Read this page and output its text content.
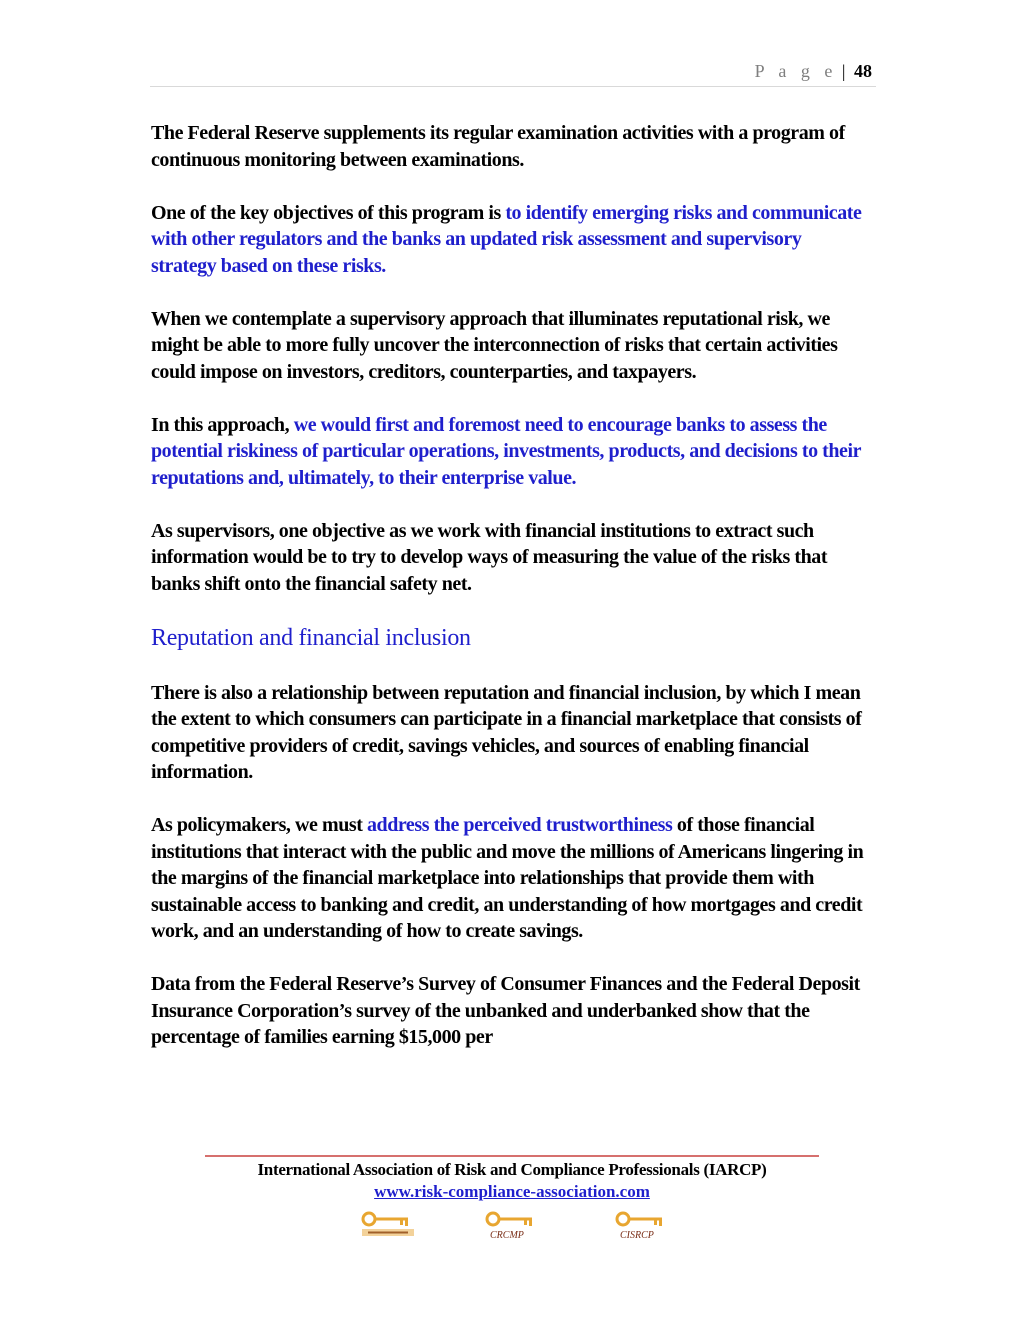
P a g e | 48

The Federal Reserve supplements its regular examination activities with a program of continuous monitoring between examinations.

One of the key objectives of this program is to identify emerging risks and communicate with other regulators and the banks an updated risk assessment and supervisory strategy based on these risks.

When we contemplate a supervisory approach that illuminates reputational risk, we might be able to more fully uncover the interconnection of risks that certain activities could impose on investors, creditors, counterparties, and taxpayers.

In this approach, we would first and foremost need to encourage banks to assess the potential riskiness of particular operations, investments, products, and decisions to their reputations and, ultimately, to their enterprise value.

As supervisors, one objective as we work with financial institutions to extract such information would be to try to develop ways of measuring the value of the risks that banks shift onto the financial safety net.

Reputation and financial inclusion

There is also a relationship between reputation and financial inclusion, by which I mean the extent to which consumers can participate in a financial marketplace that consists of competitive providers of credit, savings vehicles, and sources of enabling financial information.

As policymakers, we must address the perceived trustworthiness of those financial institutions that interact with the public and move the millions of Americans lingering in the margins of the financial marketplace into relationships that provide them with sustainable access to banking and credit, an understanding of how mortgages and credit work, and an understanding of how to create savings.

Data from the Federal Reserve’s Survey of Consumer Finances and the Federal Deposit Insurance Corporation’s survey of the unbanked and underbanked show that the percentage of families earning $15,000 per

International Association of Risk and Compliance Professionals (IARCP)
www.risk-compliance-association.com
CRCMP	CISRCP
